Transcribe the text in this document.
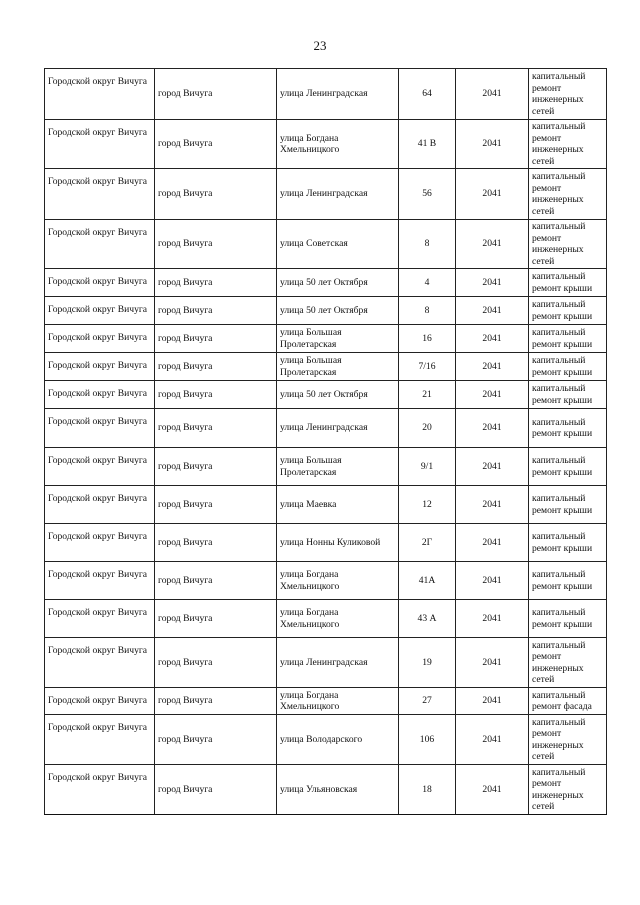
23
Городской округ Вичуга	город Вичуга	улица Ленинградская	64	2041	капитальный ремонт инженерных сетей
Городской округ Вичуга	город Вичуга	улица Богдана Хмельницкого	41 В	2041	капитальный ремонт инженерных сетей
Городской округ Вичуга	город Вичуга	улица Ленинградская	56	2041	капитальный ремонт инженерных сетей
Городской округ Вичуга	город Вичуга	улица Советская	8	2041	капитальный ремонт инженерных сетей
Городской округ Вичуга	город Вичуга	улица 50 лет Октября	4	2041	капитальный ремонт крыши
Городской округ Вичуга	город Вичуга	улица 50 лет Октября	8	2041	капитальный ремонт крыши
Городской округ Вичуга	город Вичуга	улица Большая Пролетарская	16	2041	капитальный ремонт крыши
Городской округ Вичуга	город Вичуга	улица Большая Пролетарская	7/16	2041	капитальный ремонт крыши
Городской округ Вичуга	город Вичуга	улица 50 лет Октября	21	2041	капитальный ремонт крыши
Городской округ Вичуга	город Вичуга	улица Ленинградская	20	2041	капитальный ремонт крыши
Городской округ Вичуга	город Вичуга	улица Большая Пролетарская	9/1	2041	капитальный ремонт крыши
Городской округ Вичуга	город Вичуга	улица Маевка	12	2041	капитальный ремонт крыши
Городской округ Вичуга	город Вичуга	улица Нонны Куликовой	2Г	2041	капитальный ремонт крыши
Городской округ Вичуга	город Вичуга	улица Богдана Хмельницкого	41А	2041	капитальный ремонт крыши
Городской округ Вичуга	город Вичуга	улица Богдана Хмельницкого	43 А	2041	капитальный ремонт крыши
Городской округ Вичуга	город Вичуга	улица Ленинградская	19	2041	капитальный ремонт инженерных сетей
Городской округ Вичуга	город Вичуга	улица Богдана Хмельницкого	27	2041	капитальный ремонт фасада
Городской округ Вичуга	город Вичуга	улица Володарского	106	2041	капитальный ремонт инженерных сетей
Городской округ Вичуга	город Вичуга	улица Ульяновская	18	2041	капитальный ремонт инженерных сетей
